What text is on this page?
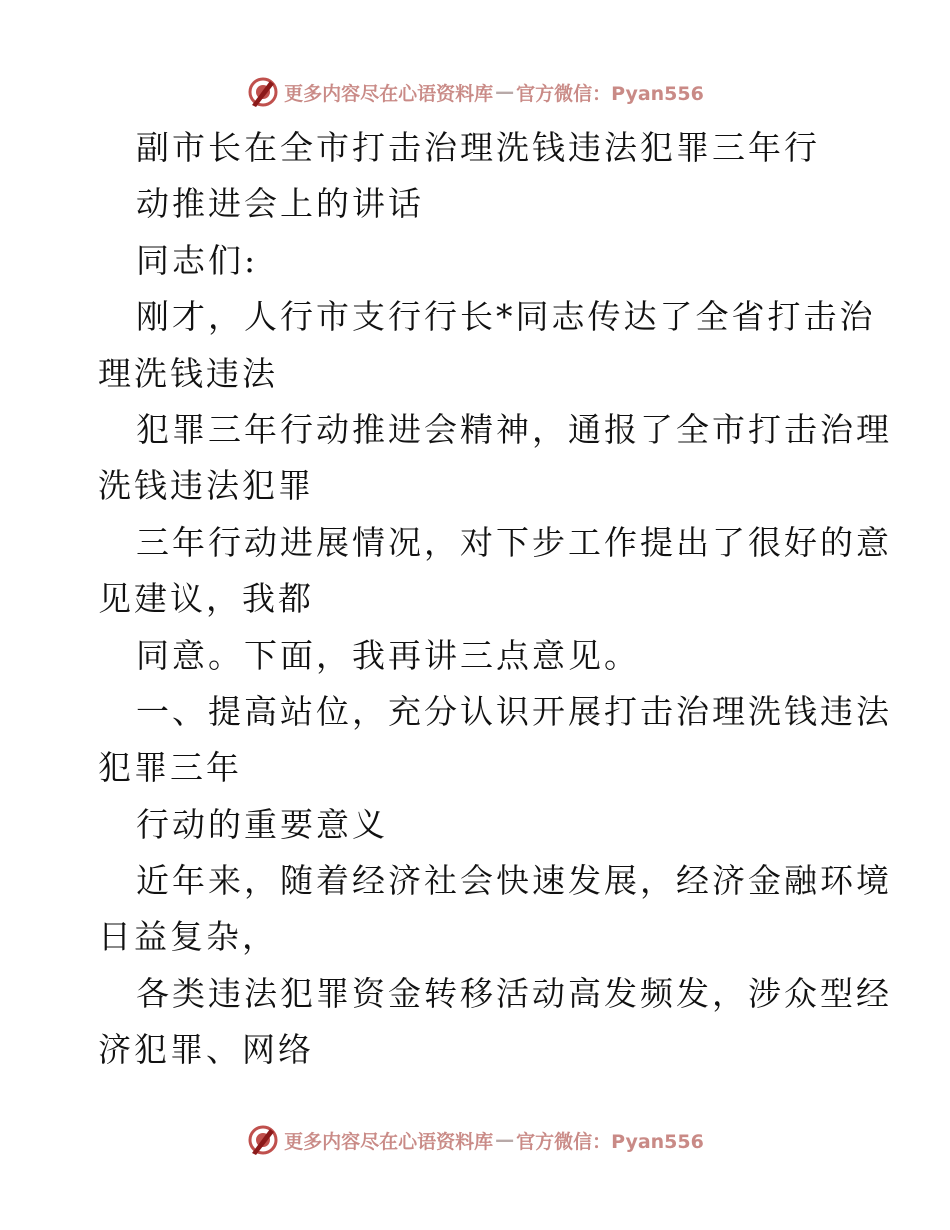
更多内容尽在心语资料库 — 官方微信：Pyan556
副市长在全市打击治理洗钱违法犯罪三年行
动推进会上的讲话
同志们:
刚才，人行市支行行长*同志传达了全省打击治
理洗钱违法
犯罪三年行动推进会精神，通报了全市打击治理
洗钱违法犯罪
三年行动进展情况，对下步工作提出了很好的意
见建议，我都
同意。下面，我再讲三点意见。
一、提高站位，充分认识开展打击治理洗钱违法
犯罪三年
行动的重要意义
近年来，随着经济社会快速发展，经济金融环境
日益复杂，
各类违法犯罪资金转移活动高发频发，涉众型经
济犯罪、网络
更多内容尽在心语资料库 — 官方微信：Pyan556
